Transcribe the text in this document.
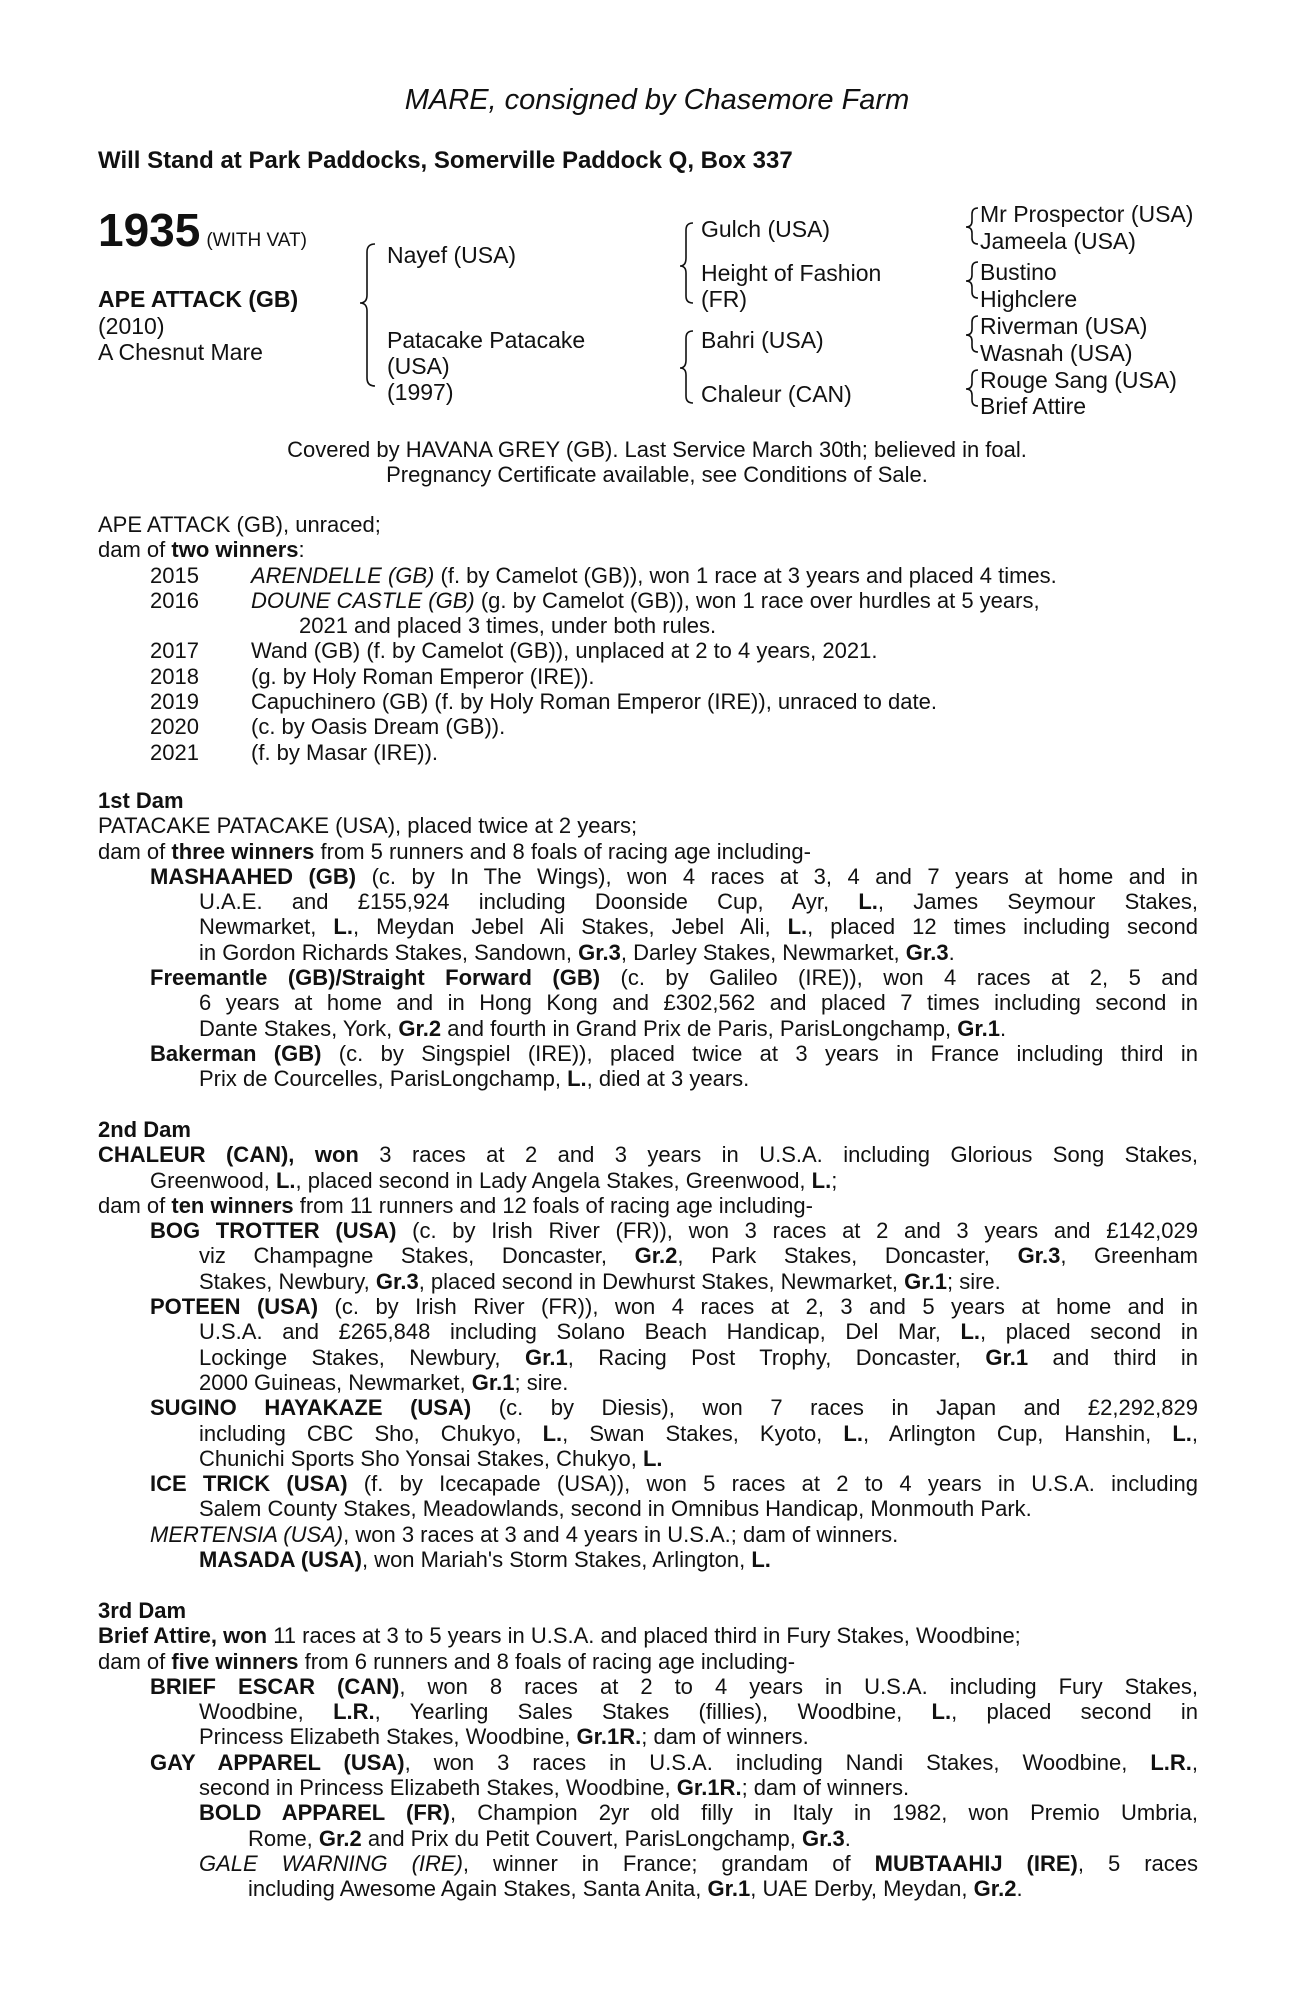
MARE, consigned by Chasemore Farm
Will Stand at Park Paddocks, Somerville Paddock Q, Box 337
1935 (WITH VAT)
APE ATTACK (GB)
(2010)
A Chesnut Mare
Nayef (USA)
Patacake Patacake
(USA)
(1997)
Gulch (USA)
Height of Fashion
(FR)
Bahri (USA)
Chaleur (CAN)
Mr Prospector (USA)
Jameela (USA)
Bustino
Highclere
Riverman (USA)
Wasnah (USA)
Rouge Sang (USA)
Brief Attire
Covered by HAVANA GREY (GB). Last Service March 30th; believed in foal.
Pregnancy Certificate available, see Conditions of Sale.
APE ATTACK (GB), unraced;
dam of two winners:
2015 ARENDELLE (GB) (f. by Camelot (GB)), won 1 race at 3 years and placed 4 times.
2016 DOUNE CASTLE (GB) (g. by Camelot (GB)), won 1 race over hurdles at 5 years,
2021 and placed 3 times, under both rules.
2017 Wand (GB) (f. by Camelot (GB)), unplaced at 2 to 4 years, 2021.
2018 (g. by Holy Roman Emperor (IRE)).
2019 Capuchinero (GB) (f. by Holy Roman Emperor (IRE)), unraced to date.
2020 (c. by Oasis Dream (GB)).
2021 (f. by Masar (IRE)).
1st Dam
PATACAKE PATACAKE (USA), placed twice at 2 years;
dam of three winners from 5 runners and 8 foals of racing age including-
MASHAAHED (GB) (c. by In The Wings), won 4 races at 3, 4 and 7 years at home and in
U.A.E. and £155,924 including Doonside Cup, Ayr, L., James Seymour Stakes,
Newmarket, L., Meydan Jebel Ali Stakes, Jebel Ali, L., placed 12 times including second
in Gordon Richards Stakes, Sandown, Gr.3, Darley Stakes, Newmarket, Gr.3.
Freemantle (GB)/Straight Forward (GB) (c. by Galileo (IRE)), won 4 races at 2, 5 and
6 years at home and in Hong Kong and £302,562 and placed 7 times including second in
Dante Stakes, York, Gr.2 and fourth in Grand Prix de Paris, ParisLongchamp, Gr.1.
Bakerman (GB) (c. by Singspiel (IRE)), placed twice at 3 years in France including third in
Prix de Courcelles, ParisLongchamp, L., died at 3 years.
2nd Dam
CHALEUR (CAN), won 3 races at 2 and 3 years in U.S.A. including Glorious Song Stakes,
Greenwood, L., placed second in Lady Angela Stakes, Greenwood, L.;
dam of ten winners from 11 runners and 12 foals of racing age including-
BOG TROTTER (USA) (c. by Irish River (FR)), won 3 races at 2 and 3 years and £142,029
viz Champagne Stakes, Doncaster, Gr.2, Park Stakes, Doncaster, Gr.3, Greenham
Stakes, Newbury, Gr.3, placed second in Dewhurst Stakes, Newmarket, Gr.1; sire.
POTEEN (USA) (c. by Irish River (FR)), won 4 races at 2, 3 and 5 years at home and in
U.S.A. and £265,848 including Solano Beach Handicap, Del Mar, L., placed second in
Lockinge Stakes, Newbury, Gr.1, Racing Post Trophy, Doncaster, Gr.1 and third in
2000 Guineas, Newmarket, Gr.1; sire.
SUGINO HAYAKAZE (USA) (c. by Diesis), won 7 races in Japan and £2,292,829
including CBC Sho, Chukyo, L., Swan Stakes, Kyoto, L., Arlington Cup, Hanshin, L.,
Chunichi Sports Sho Yonsai Stakes, Chukyo, L.
ICE TRICK (USA) (f. by Icecapade (USA)), won 5 races at 2 to 4 years in U.S.A. including
Salem County Stakes, Meadowlands, second in Omnibus Handicap, Monmouth Park.
MERTENSIA (USA), won 3 races at 3 and 4 years in U.S.A.; dam of winners.
MASADA (USA), won Mariah's Storm Stakes, Arlington, L.
3rd Dam
Brief Attire, won 11 races at 3 to 5 years in U.S.A. and placed third in Fury Stakes, Woodbine;
dam of five winners from 6 runners and 8 foals of racing age including-
BRIEF ESCAR (CAN), won 8 races at 2 to 4 years in U.S.A. including Fury Stakes,
Woodbine, L.R., Yearling Sales Stakes (fillies), Woodbine, L., placed second in
Princess Elizabeth Stakes, Woodbine, Gr.1R.; dam of winners.
GAY APPAREL (USA), won 3 races in U.S.A. including Nandi Stakes, Woodbine, L.R.,
second in Princess Elizabeth Stakes, Woodbine, Gr.1R.; dam of winners.
BOLD APPAREL (FR), Champion 2yr old filly in Italy in 1982, won Premio Umbria,
Rome, Gr.2 and Prix du Petit Couvert, ParisLongchamp, Gr.3.
GALE WARNING (IRE), winner in France; grandam of MUBTAAHIJ (IRE), 5 races
including Awesome Again Stakes, Santa Anita, Gr.1, UAE Derby, Meydan, Gr.2.
